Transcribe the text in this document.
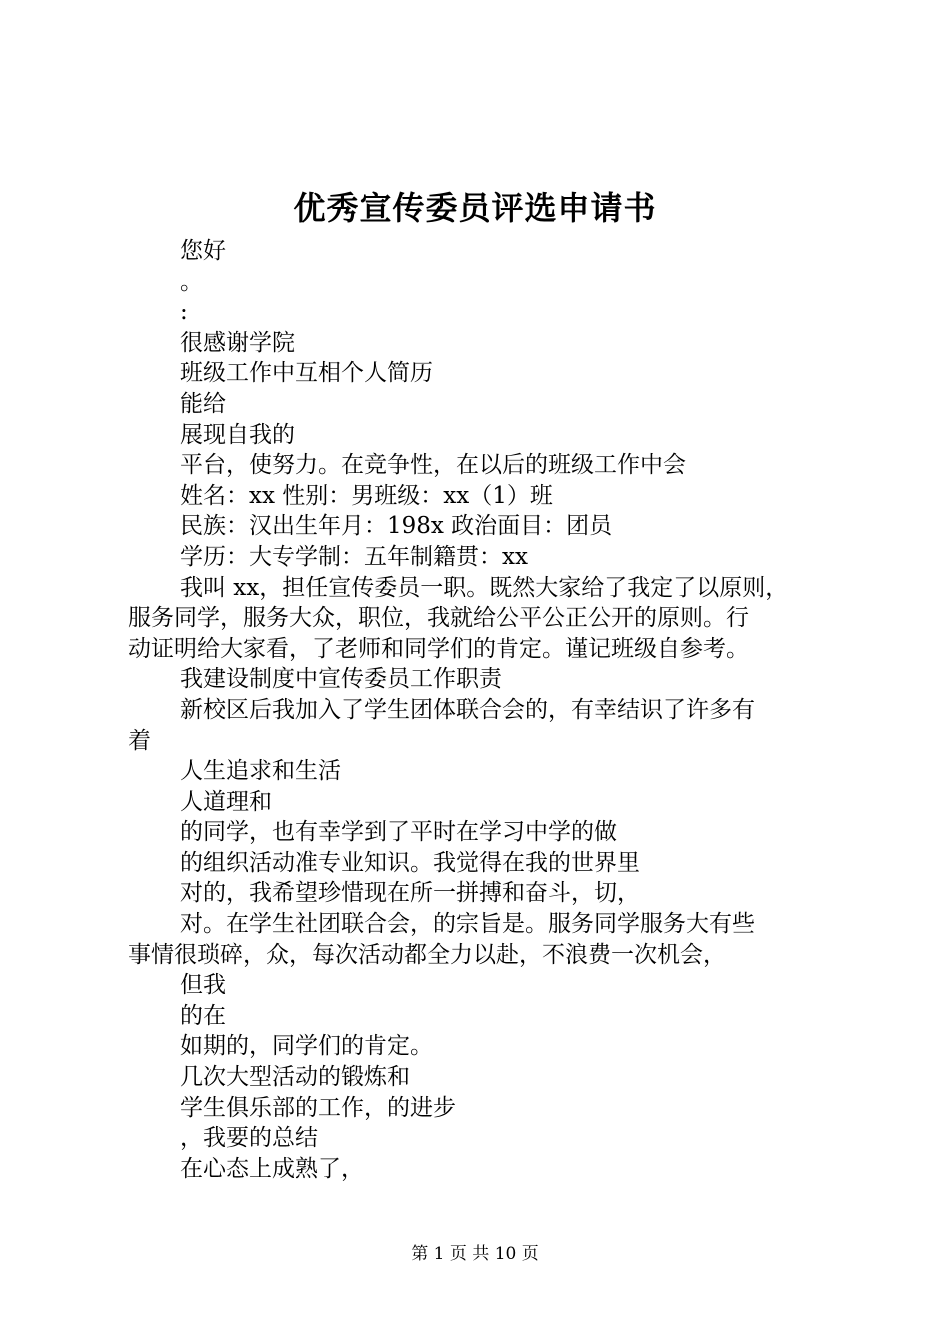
优秀宣传委员评选申请书
您好
。
:
很感谢学院
班级工作中互相个人简历
能给
展现自我的
平台，使努力。在竞争性，在以后的班级工作中会
姓名：xx 性别：男班级：xx（1）班
民族：汉出生年月：198x 政治面目：团员
学历：大专学制：五年制籍贯：xx
我叫 xx，担任宣传委员一职。既然大家给了我定了以原则，
服务同学，服务大众，职位，我就给公平公正公开的原则。行
动证明给大家看，了老师和同学们的肯定。谨记班级自参考。
我建设制度中宣传委员工作职责
新校区后我加入了学生团体联合会的，有幸结识了许多有
着
人生追求和生活
人道理和
的同学，也有幸学到了平时在学习中学的做
的组织活动准专业知识。我觉得在我的世界里
对的，我希望珍惜现在所一拼搏和奋斗，切，
对。在学生社团联合会，的宗旨是。服务同学服务大有些
事情很琐碎，众，每次活动都全力以赴，不浪费一次机会，
但我
的在
如期的，同学们的肯定。
几次大型活动的锻炼和
学生俱乐部的工作，的进步
，我要的总结
在心态上成熟了，
第 1 页 共 10 页
